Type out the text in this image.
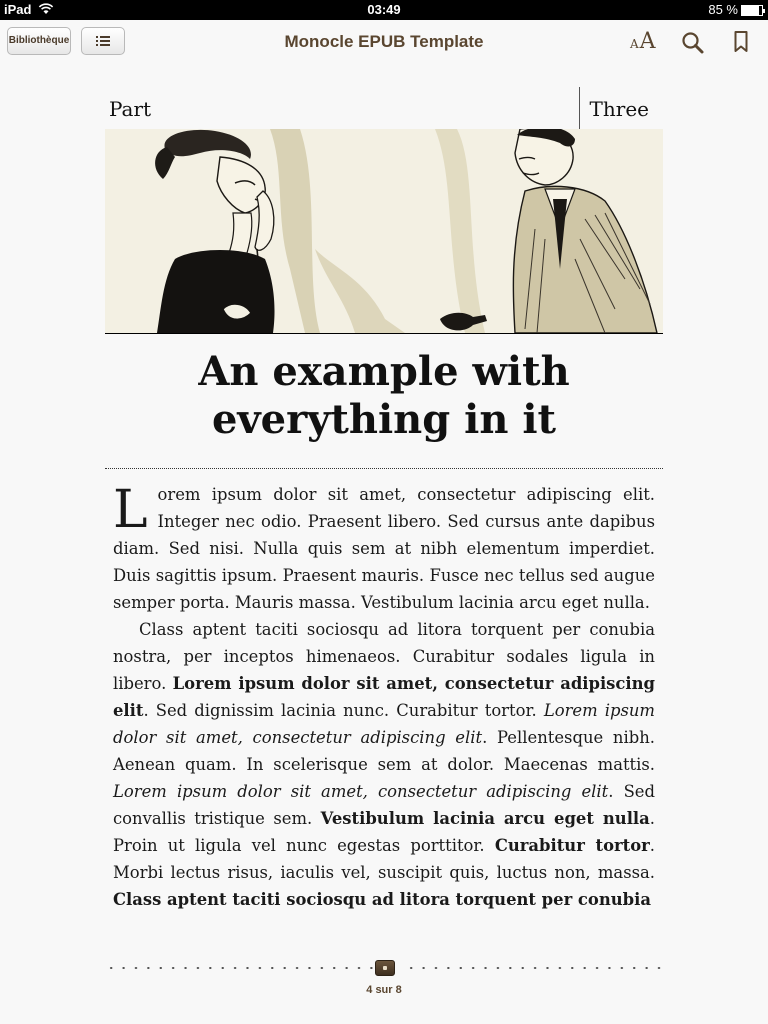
iPad	03:49	85 %
Bibliothèque	Monocle EPUB Template	AA
Part	Three
An example with
everything in it

Lorem ipsum dolor sit amet, consectetur adipiscing elit. Integer nec odio. Praesent libero. Sed cursus ante dapibus diam. Sed nisi. Nulla quis sem at nibh elementum imperdiet. Duis sagittis ipsum. Praesent mauris. Fusce nec tellus sed augue semper porta. Mauris massa. Vestibulum lacinia arcu eget nulla.

Class aptent taciti sociosqu ad litora torquent per conubia nostra, per inceptos himenaeos. Curabitur sodales ligula in libero. Lorem ipsum dolor sit amet, consectetur adipiscing elit. Sed dignissim lacinia nunc. Curabitur tortor. Lorem ipsum dolor sit amet, consectetur adipiscing elit. Pellentesque nibh. Aenean quam. In scelerisque sem at dolor. Maecenas mattis. Lorem ipsum dolor sit amet, consectetur adipiscing elit. Sed convallis tristique sem. Vestibulum lacinia arcu eget nulla. Proin ut ligula vel nunc egestas porttitor. Curabitur tortor. Morbi lectus risus, iaculis vel, suscipit quis, luctus non, massa. Class aptent taciti sociosqu ad litora torquent per conubia

4 sur 8
